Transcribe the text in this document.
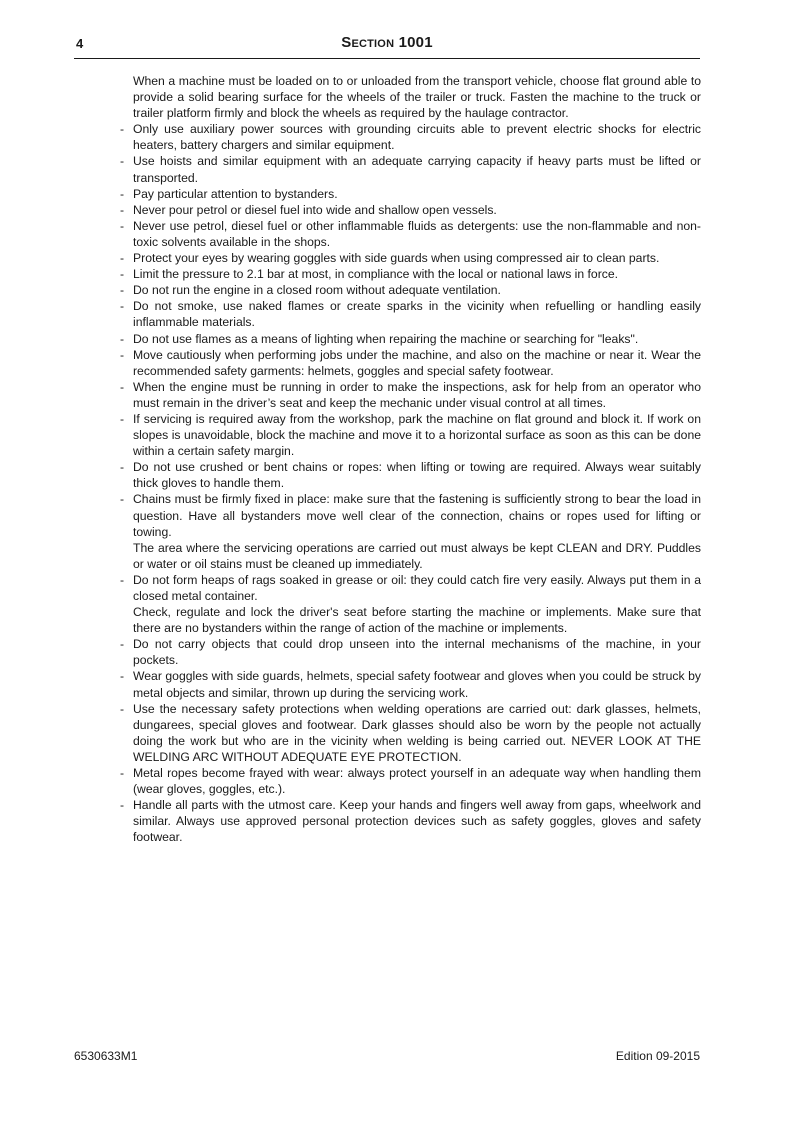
4	Section 1001
When a machine must be loaded on to or unloaded from the transport vehicle, choose flat ground able to provide a solid bearing surface for the wheels of the trailer or truck. Fasten the machine to the truck or trailer platform firmly and block the wheels as required by the haulage contractor.
- Only use auxiliary power sources with grounding circuits able to prevent electric shocks for electric heaters, battery chargers and similar equipment.
- Use hoists and similar equipment with an adequate carrying capacity if heavy parts must be lifted or transported.
- Pay particular attention to bystanders.
- Never pour petrol or diesel fuel into wide and shallow open vessels.
- Never use petrol, diesel fuel or other inflammable fluids as detergents: use the non-flammable and non-toxic solvents available in the shops.
- Protect your eyes by wearing goggles with side guards when using compressed air to clean parts.
- Limit the pressure to 2.1 bar at most, in compliance with the local or national laws in force.
- Do not run the engine in a closed room without adequate ventilation.
- Do not smoke, use naked flames or create sparks in the vicinity when refuelling or handling easily inflammable materials.
- Do not use flames as a means of lighting when repairing the machine or searching for "leaks".
- Move cautiously when performing jobs under the machine, and also on the machine or near it. Wear the recommended safety garments: helmets, goggles and special safety footwear.
- When the engine must be running in order to make the inspections, ask for help from an operator who must remain in the driver’s seat and keep the mechanic under visual control at all times.
- If servicing is required away from the workshop, park the machine on flat ground and block it. If work on slopes is unavoidable, block the machine and move it to a horizontal surface as soon as this can be done within a certain safety margin.
- Do not use crushed or bent chains or ropes: when lifting or towing are required. Always wear suitably thick gloves to handle them.
- Chains must be firmly fixed in place: make sure that the fastening is sufficiently strong to bear the load in question. Have all bystanders move well clear of the connection, chains or ropes used for lifting or towing.
The area where the servicing operations are carried out must always be kept CLEAN and DRY. Puddles or water or oil stains must be cleaned up immediately.
- Do not form heaps of rags soaked in grease or oil: they could catch fire very easily. Always put them in a closed metal container.
Check, regulate and lock the driver's seat before starting the machine or implements. Make sure that there are no bystanders within the range of action of the machine or implements.
- Do not carry objects that could drop unseen into the internal mechanisms of the machine, in your pockets.
- Wear goggles with side guards, helmets, special safety footwear and gloves when you could be struck by metal objects and similar, thrown up during the servicing work.
- Use the necessary safety protections when welding operations are carried out: dark glasses, helmets, dungarees, special gloves and footwear. Dark glasses should also be worn by the people not actually doing the work but who are in the vicinity when welding is being carried out. NEVER LOOK AT THE WELDING ARC WITHOUT ADEQUATE EYE PROTECTION.
- Metal ropes become frayed with wear: always protect yourself in an adequate way when handling them (wear gloves, goggles, etc.).
- Handle all parts with the utmost care. Keep your hands and fingers well away from gaps, wheelwork and similar. Always use approved personal protection devices such as safety goggles, gloves and safety footwear.
6530633M1	Edition 09-2015
